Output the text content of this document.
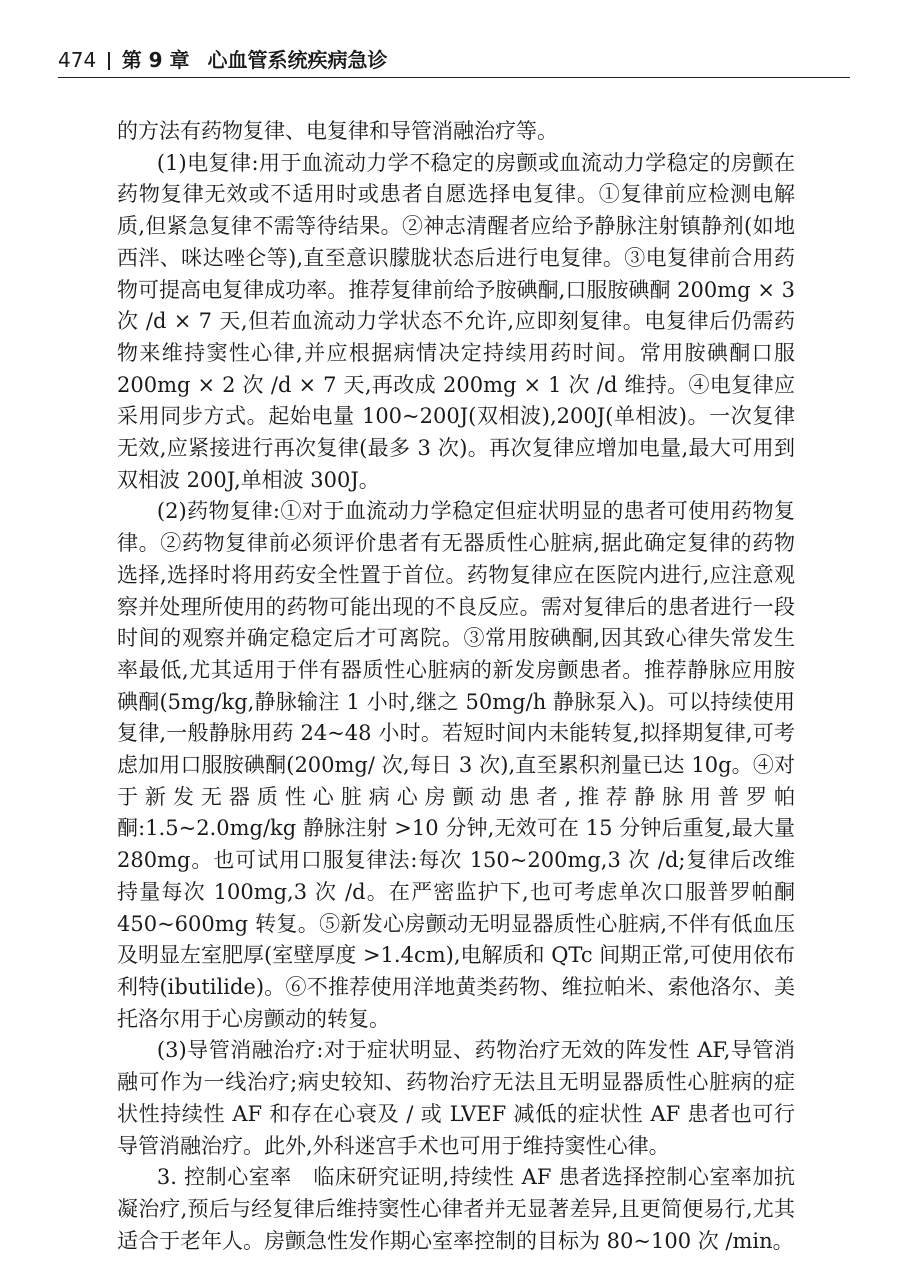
474 第 9 章 心血管系统疾病急诊

的方法有药物复律、电复律和导管消融治疗等。

(1)电复律:用于血流动力学不稳定的房颤或血流动力学稳定的房颤在药物复律无效或不适用时或患者自愿选择电复律。①复律前应检测电解质,但紧急复律不需等待结果。②神志清醒者应给予静脉注射镇静剂(如地西泮、咪达唑仑等),直至意识朦胧状态后进行电复律。③电复律前合用药物可提高电复律成功率。推荐复律前给予胺碘酮,口服胺碘酮 200mg × 3 次 /d × 7 天,但若血流动力学状态不允许,应即刻复律。电复律后仍需药物来维持窦性心律,并应根据病情决定持续用药时间。常用胺碘酮口服 200mg × 2 次 /d × 7 天,再改成 200mg × 1 次 /d 维持。④电复律应采用同步方式。起始电量 100~200J(双相波),200J(单相波)。一次复律无效,应紧接进行再次复律(最多 3 次)。再次复律应增加电量,最大可用到双相波 200J,单相波 300J。

(2)药物复律:①对于血流动力学稳定但症状明显的患者可使用药物复律。②药物复律前必须评价患者有无器质性心脏病,据此确定复律的药物选择,选择时将用药安全性置于首位。药物复律应在医院内进行,应注意观察并处理所使用的药物可能出现的不良反应。需对复律后的患者进行一段时间的观察并确定稳定后才可离院。③常用胺碘酮,因其致心律失常发生率最低,尤其适用于伴有器质性心脏病的新发房颤患者。推荐静脉应用胺碘酮(5mg/kg,静脉输注 1 小时,继之 50mg/h 静脉泵入)。可以持续使用复律,一般静脉用药 24~48 小时。若短时间内未能转复,拟择期复律,可考虑加用口服胺碘酮(200mg/ 次,每日 3 次),直至累积剂量已达 10g。④对于新发无器质性心脏病心房颤动患者,推荐静脉用普罗帕酮:1.5~2.0mg/kg 静脉注射 >10 分钟,无效可在 15 分钟后重复,最大量 280mg。也可试用口服复律法:每次 150~200mg,3 次 /d;复律后改维持量每次 100mg,3 次 /d。在严密监护下,也可考虑单次口服普罗帕酮 450~600mg 转复。⑤新发心房颤动无明显器质性心脏病,不伴有低血压及明显左室肥厚(室壁厚度 >1.4cm),电解质和 QTc 间期正常,可使用依布利特(ibutilide)。⑥不推荐使用洋地黄类药物、维拉帕米、索他洛尔、美托洛尔用于心房颤动的转复。

(3)导管消融治疗:对于症状明显、药物治疗无效的阵发性 AF,导管消融可作为一线治疗;病史较知、药物治疗无法且无明显器质性心脏病的症状性持续性 AF 和存在心衰及 / 或 LVEF 减低的症状性 AF 患者也可行导管消融治疗。此外,外科迷宫手术也可用于维持窦性心律。

3. 控制心室率　临床研究证明,持续性 AF 患者选择控制心室率加抗凝治疗,预后与经复律后维持窦性心律者并无显著差异,且更简便易行,尤其适合于老年人。房颤急性发作期心室率控制的目标为 80~100 次 /min。
